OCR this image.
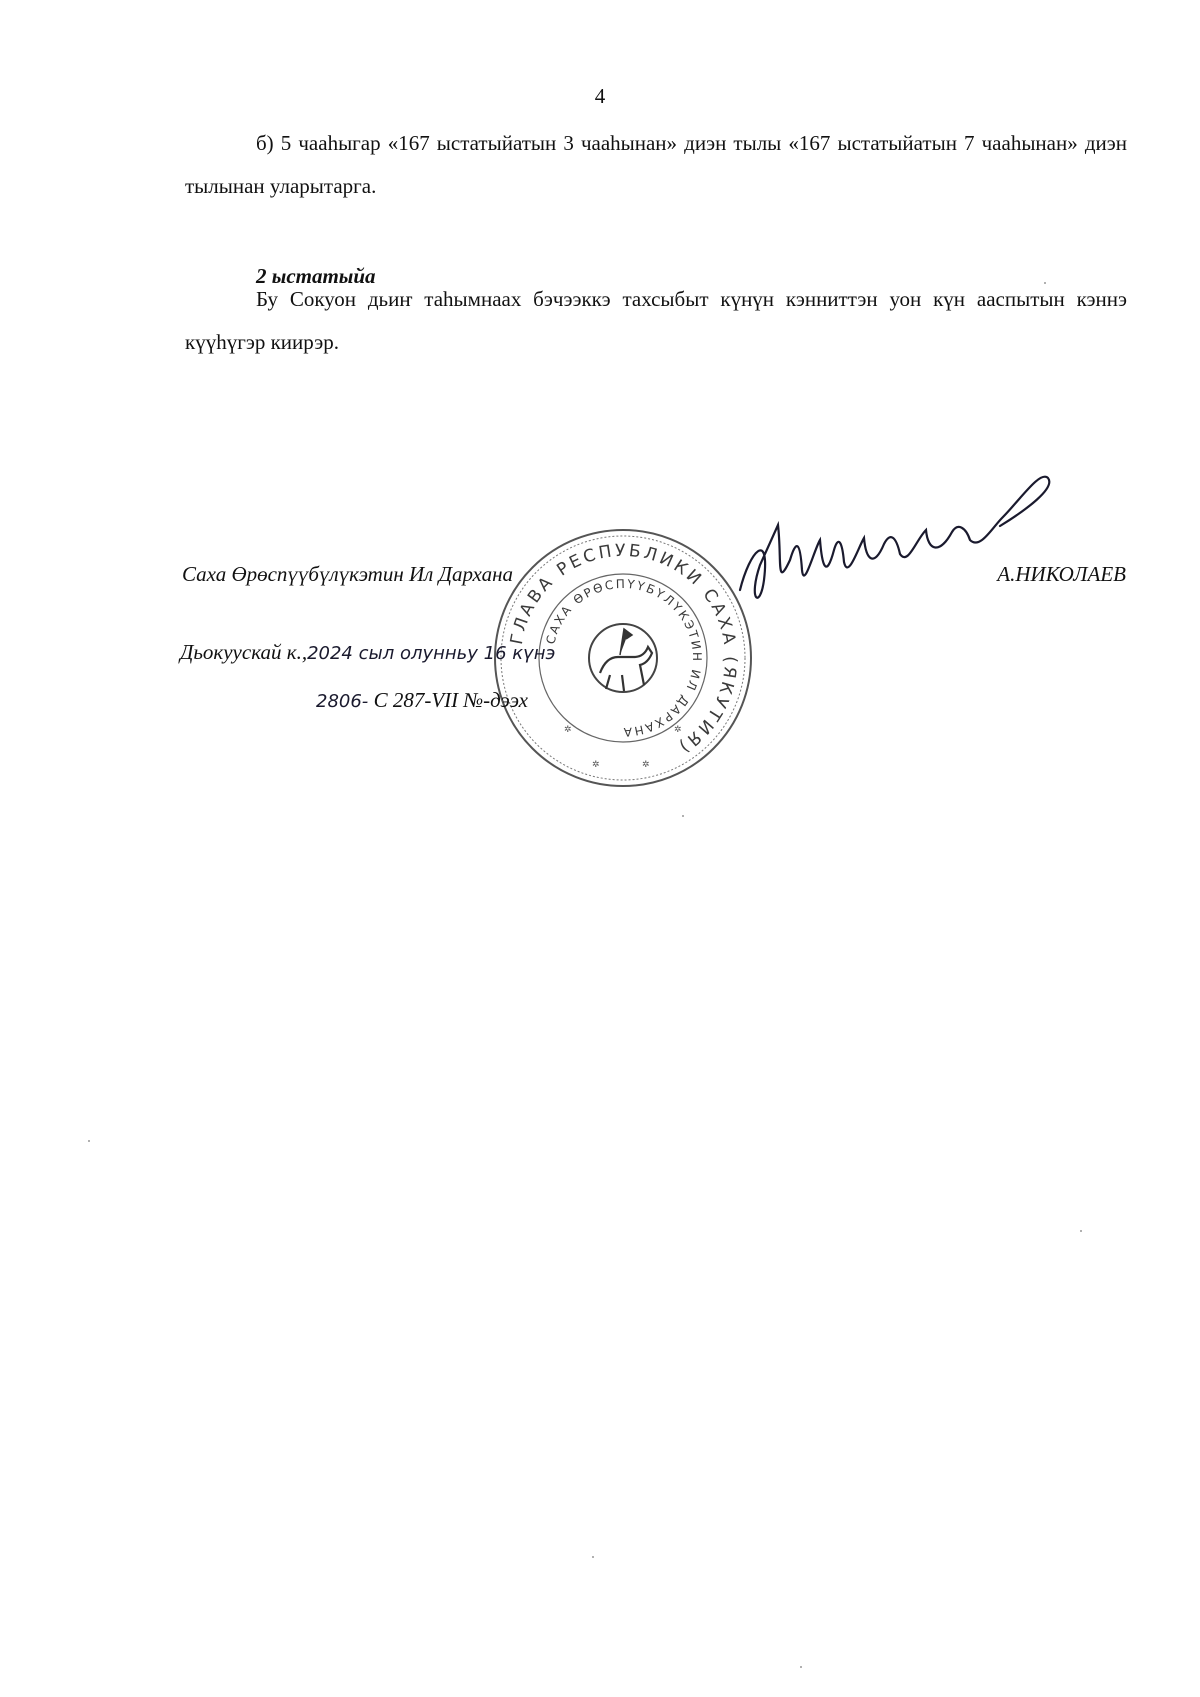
4
б) 5 чааһыгар «167 ыстатыйатын 3 чааһынан» диэн тылы «167 ыстатыйатын 7 чааһынан» диэн тылынан уларытарга.
2 ыстатыйа
Бу Сокуон дьиҥ таһымнаах бэчээккэ тахсыбыт күнүн кэнниттэн уон күн ааспытын кэннэ күүһүгэр киирэр.
ГЛАВА РЕСПУБЛИКИ САХА (ЯКУТИЯ)
САХА ӨРӨСПҮҮБҮЛҮКЭТИН ИЛ ДАРХАНА
✲	✲
✲
✲
Саха Өрөспүүбүлүкэтин Ил Дарханa	А.НИКОЛАЕВ
Дьокуускай к.,2024 сыл олунньу 16 күнэ
2806- С 287-VII №-дээх
